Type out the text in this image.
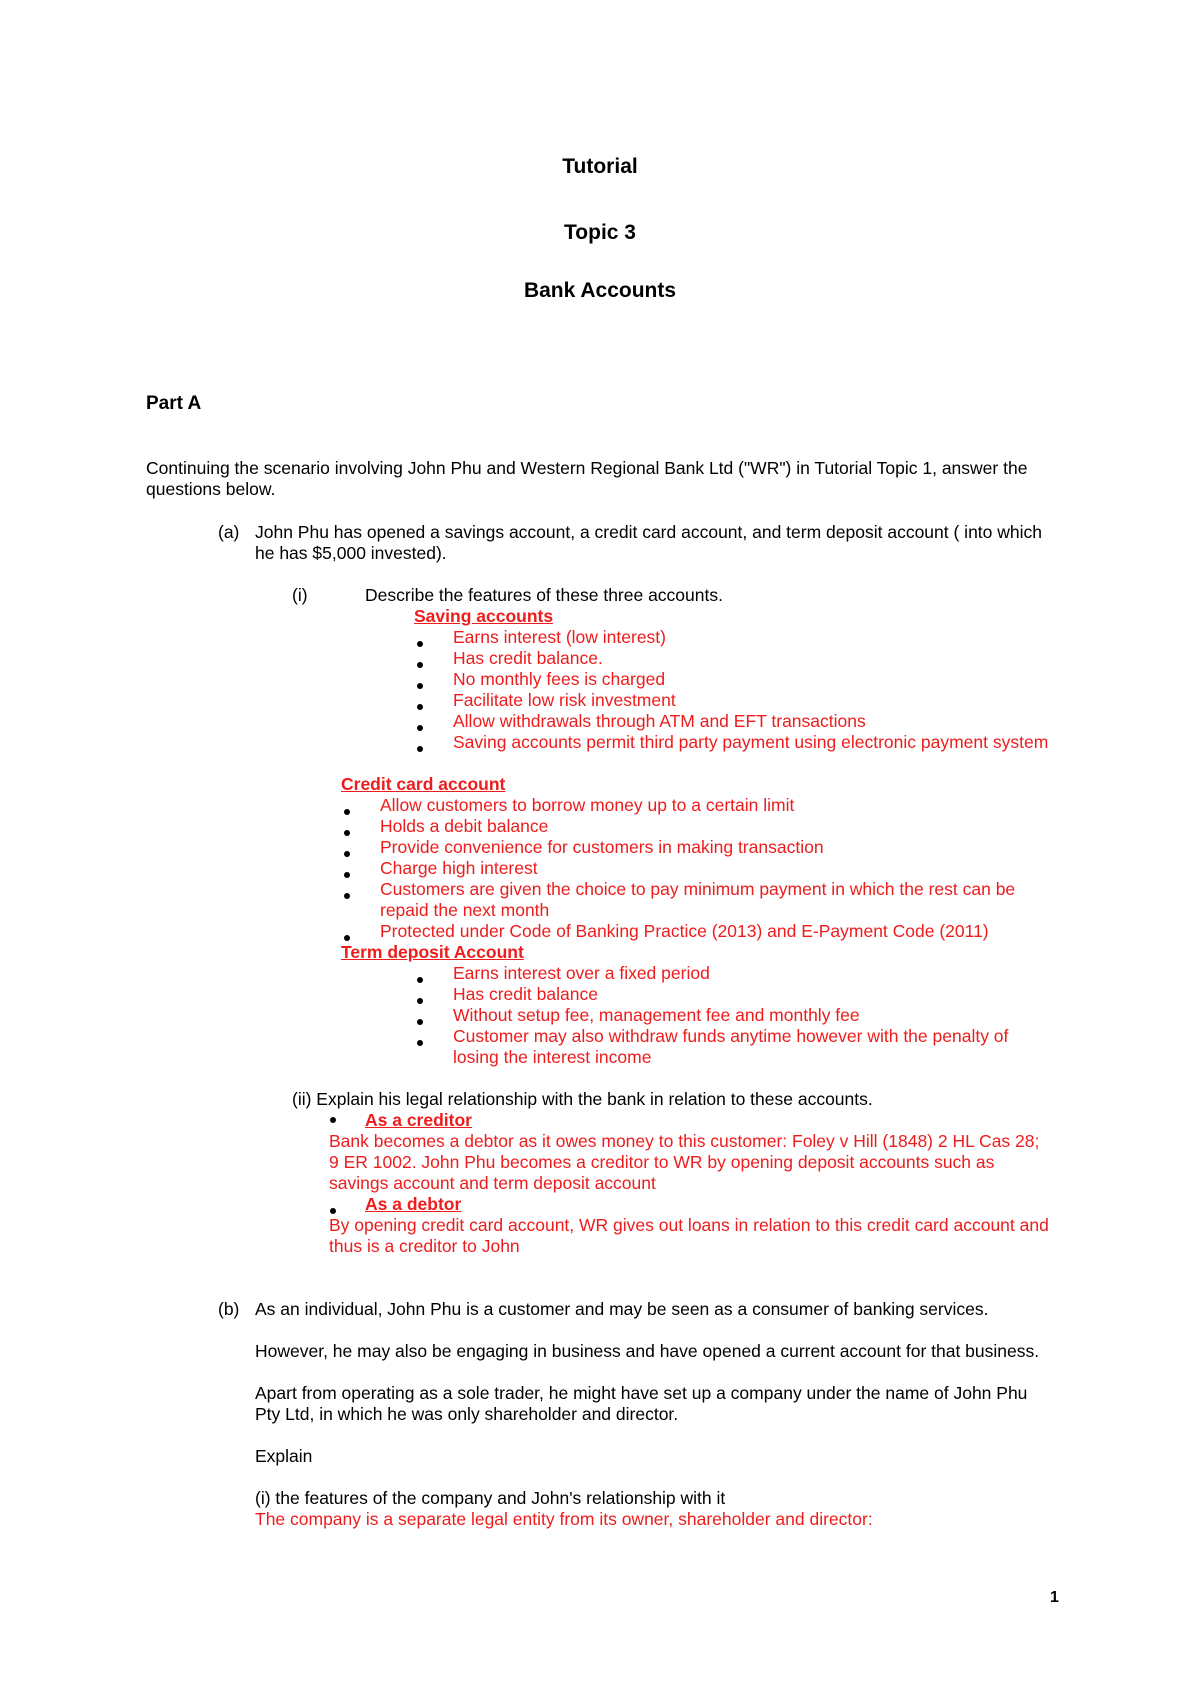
Tutorial
Topic 3
Bank Accounts
Part A
Continuing the scenario involving John Phu and Western Regional Bank Ltd ("WR") in Tutorial Topic 1, answer the
questions below.
(a) John Phu has opened a savings account, a credit card account, and term deposit account ( into which
he has $5,000 invested).
(i)	Describe the features of these three accounts.
Saving accounts
Earns interest (low interest)
Has credit balance.
No monthly fees is charged
Facilitate low risk investment
Allow withdrawals through ATM and EFT transactions
Saving accounts permit third party payment using electronic payment system
Credit card account
Allow customers to borrow money up to a certain limit
Holds a debit balance
Provide convenience for customers in making transaction
Charge high interest
Customers are given the choice to pay minimum payment in which the rest can be
repaid the next month
Protected under Code of Banking Practice (2013) and E-Payment Code (2011)
Term deposit Account
Earns interest over a fixed period
Has credit balance
Without setup fee, management fee and monthly fee
Customer may also withdraw funds anytime however with the penalty of
losing the interest income
(ii) Explain his legal relationship with the bank in relation to these accounts.
As a creditor
Bank becomes a debtor as it owes money to this customer: Foley v Hill (1848) 2 HL Cas 28;
9 ER 1002. John Phu becomes a creditor to WR by opening deposit accounts such as
savings account and term deposit account
As a debtor
By opening credit card account, WR gives out loans in relation to this credit card account and
thus is a creditor to John
(b) As an individual, John Phu is a customer and may be seen as a consumer of banking services.
However, he may also be engaging in business and have opened a current account for that business.
Apart from operating as a sole trader, he might have set up a company under the name of John Phu
Pty Ltd, in which he was only shareholder and director.
Explain
(i) the features of the company and John's relationship with it
The company is a separate legal entity from its owner, shareholder and director:
1
